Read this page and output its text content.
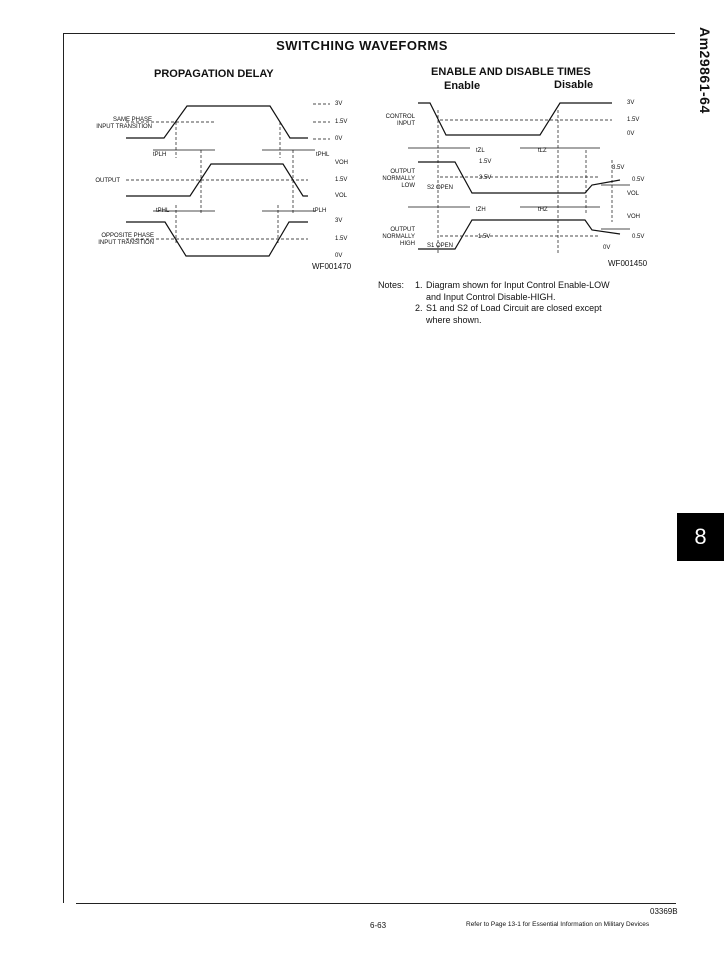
Am29861-64
8
SWITCHING WAVEFORMS
PROPAGATION DELAY
SAME PHASE
INPUT TRANSITION
OUTPUT
OPPOSITE PHASE
INPUT TRANSITION
3V
1.5V
0V
VOH
1.5V
VOL
3V
1.5V
0V
tPLH	tPHL
tPHL	tPLH
WF001470
ENABLE AND DISABLE TIMES
Enable	Disable
CONTROL
INPUT
OUTPUT
NORMALLY
LOW
OUTPUT
NORMALLY
HIGH
S2 OPEN
S1 OPEN
3V
1.5V
0V
3.5V
0.5V
VOL
VOH
0.5V
0V
1.5V
3.5V
1.5V
tZL
tZH
tLZ
tHZ
WF001450
Notes:	1. Diagram shown for Input Control Enable-LOW
and Input Control Disable-HIGH.
2. S1 and S2 of Load Circuit are closed except
where shown.
03369B
6-63	Refer to Page 13-1 for Essential Information on Military Devices
